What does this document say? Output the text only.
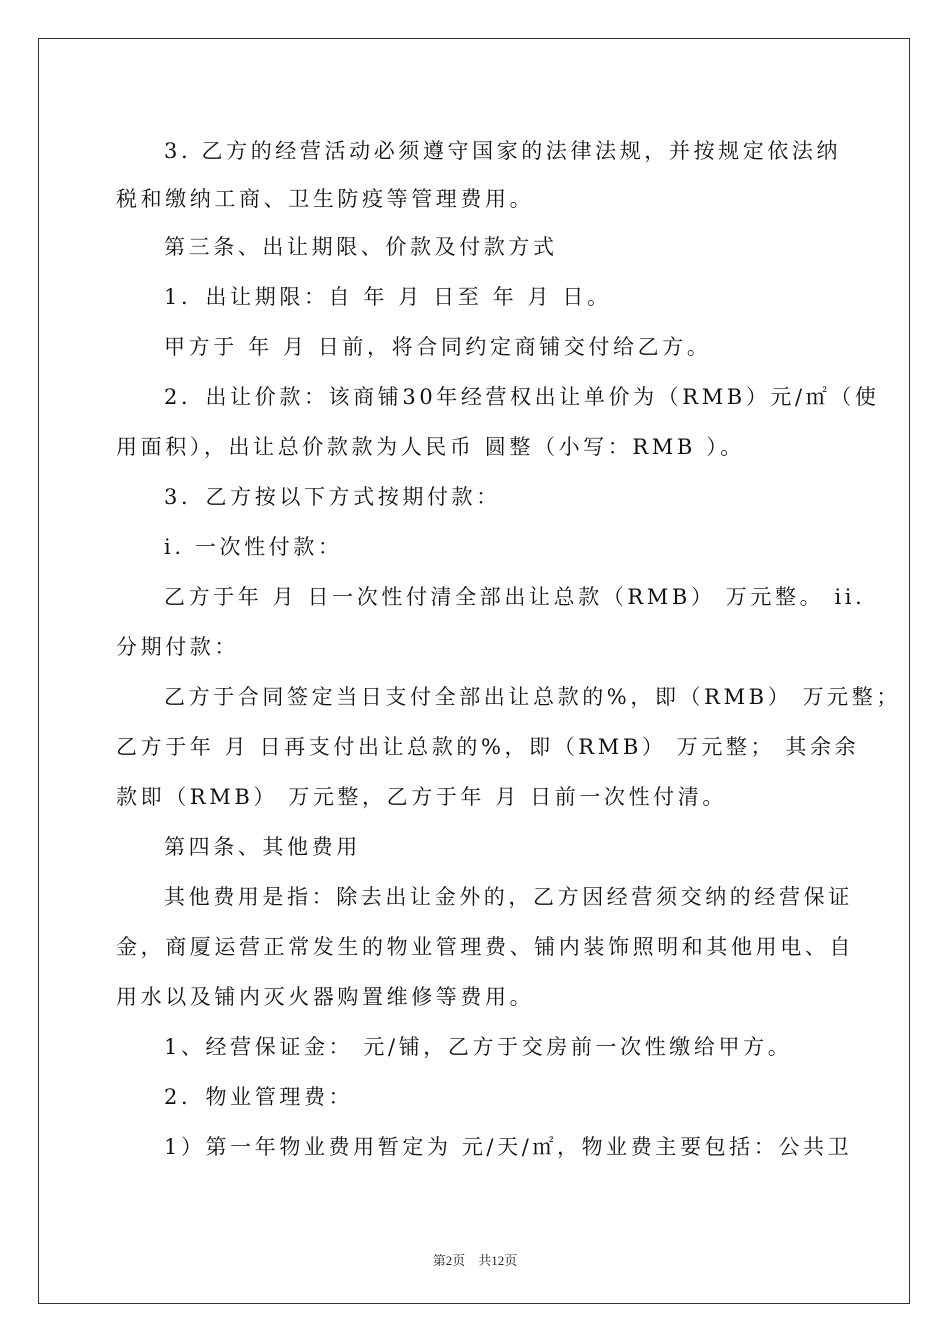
3. 乙方的经营活动必须遵守国家的法律法规，并按规定依法纳
税和缴纳工商、卫生防疫等管理费用。
第三条、出让期限、价款及付款方式
1．出让期限：自 年 月 日至 年 月 日。
甲方于 年 月 日前，将合同约定商铺交付给乙方。
2．出让价款：该商铺30年经营权出让单价为（RMB）元/㎡（使
用面积），出让总价款款为人民币 圆整（小写：RMB ）。
3．乙方按以下方式按期付款：
i. 一次性付款：
乙方于年 月 日一次性付清全部出让总款（RMB） 万元整。 ii.
分期付款：
乙方于合同签定当日支付全部出让总款的%，即（RMB） 万元整；
乙方于年 月 日再支付出让总款的%，即（RMB） 万元整； 其余余
款即（RMB） 万元整，乙方于年 月 日前一次性付清。
第四条、其他费用
其他费用是指：除去出让金外的，乙方因经营须交纳的经营保证
金，商厦运营正常发生的物业管理费、铺内装饰照明和其他用电、自
用水以及铺内灭火器购置维修等费用。
1、经营保证金： 元/铺，乙方于交房前一次性缴给甲方。
2．物业管理费：
1）第一年物业费用暂定为 元/天/㎡，物业费主要包括：公共卫
第2页　共12页
